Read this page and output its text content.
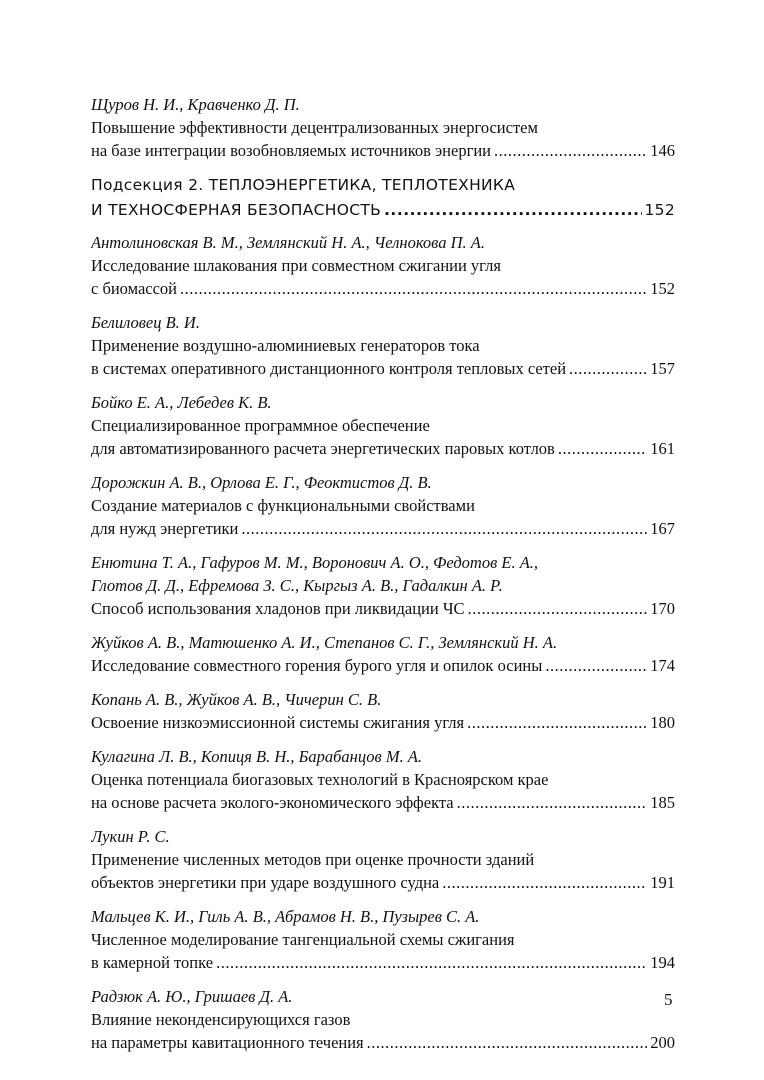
Щуров Н. И., Кравченко Д. П.
Повышение эффективности децентрализованных энергосистем
на базе интеграции возобновляемых источников энергии .....	146
Подсекция 2. ТЕПЛОЭНЕРГЕТИКА, ТЕПЛОТЕХНИКА
И ТЕХНОСФЕРНАЯ БЕЗОПАСНОСТЬ .....	152
Антолиновская В. М., Землянский Н. А., Челнокова П. А.
Исследование шлакования при совместном сжигании угля
с биомассой .....	152
Белиловец В. И.
Применение воздушно-алюминиевых генераторов тока
в системах оперативного дистанционного контроля тепловых сетей .....	157
Бойко Е. А., Лебедев К. В.
Специализированное программное обеспечение
для автоматизированного расчета энергетических паровых котлов .....	161
Дорожкин А. В., Орлова Е. Г., Феоктистов Д. В.
Создание материалов с функциональными свойствами
для нужд энергетики .....	167
Енютина Т. А., Гафуров М. М., Воронович А. О., Федотов Е. А.,
Глотов Д. Д., Ефремова З. С., Кыргыз А. В., Гадалкин А. Р.
Способ использования хладонов при ликвидации ЧС .....	170
Жуйков А. В., Матюшенко А. И., Степанов С. Г., Землянский Н. А.
Исследование совместного горения бурого угля и опилок осины .....	174
Копань А. В., Жуйков А. В., Чичерин С. В.
Освоение низкоэмиссионной системы сжигания угля .....	180
Кулагина Л. В., Копиця В. Н., Барабанцов М. А.
Оценка потенциала биогазовых технологий в Красноярском крае
на основе расчета эколого-экономического эффекта .....	185
Лукин Р. С.
Применение численных методов при оценке прочности зданий
объектов энергетики при ударе воздушного судна .....	191
Мальцев К. И., Гиль А. В., Абрамов Н. В., Пузырев С. А.
Численное моделирование тангенциальной схемы сжигания
в камерной топке .....	194
Радзюк А. Ю., Гришаев Д. А.
Влияние неконденсирующихся газов
на параметры кавитационного течения .....	200
5
